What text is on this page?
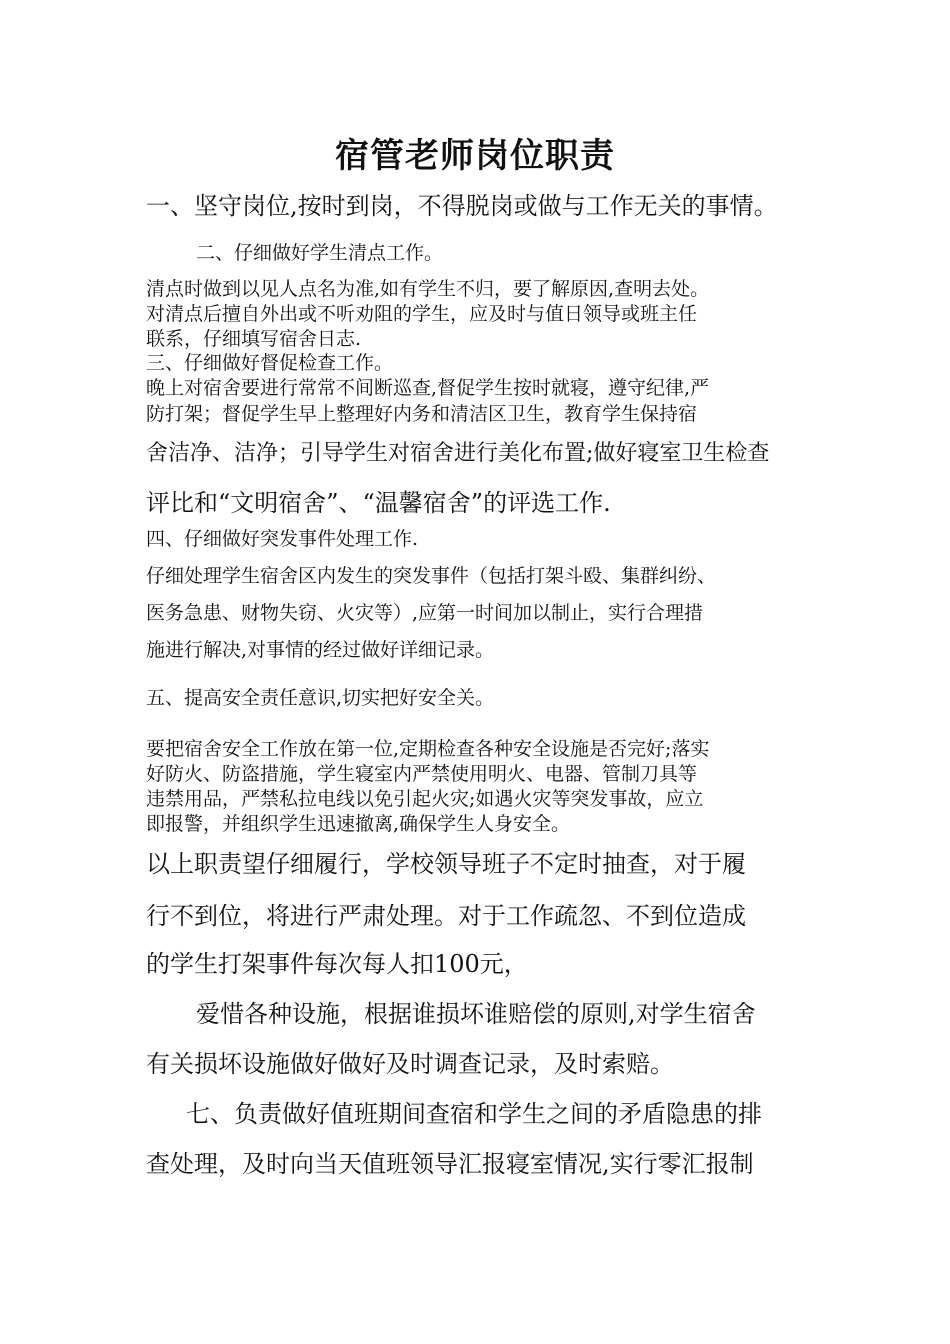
宿管老师岗位职责
一、坚守岗位,按时到岗，不得脱岗或做与工作无关的事情。
二、仔细做好学生清点工作。
清点时做到以见人点名为准,如有学生不归，要了解原因,查明去处。
对清点后擅自外出或不听劝阻的学生，应及时与值日领导或班主任
联系，仔细填写宿舍日志.
三、仔细做好督促检查工作。
晚上对宿舍要进行常常不间断巡查,督促学生按时就寝，遵守纪律,严
防打架；督促学生早上整理好内务和清洁区卫生，教育学生保持宿
舍洁净、洁净；引导学生对宿舍进行美化布置;做好寝室卫生检查
评比和“文明宿舍”、“温馨宿舍”的评选工作.
四、仔细做好突发事件处理工作.
仔细处理学生宿舍区内发生的突发事件（包括打架斗殴、集群纠纷、
医务急患、财物失窃、火灾等）,应第一时间加以制止，实行合理措
施进行解决,对事情的经过做好详细记录。
五、提高安全责任意识,切实把好安全关。
要把宿舍安全工作放在第一位,定期检查各种安全设施是否完好;落实
好防火、防盗措施，学生寝室内严禁使用明火、电器、管制刀具等
违禁用品，严禁私拉电线以免引起火灾;如遇火灾等突发事故，应立
即报警，并组织学生迅速撤离,确保学生人身安全。
以上职责望仔细履行，学校领导班子不定时抽查，对于履
行不到位，将进行严肃处理。对于工作疏忽、不到位造成
的学生打架事件每次每人扣100元，
爱惜各种设施，根据谁损坏谁赔偿的原则,对学生宿舍
有关损坏设施做好做好及时调查记录，及时索赔。
七、负责做好值班期间查宿和学生之间的矛盾隐患的排
查处理，及时向当天值班领导汇报寝室情况,实行零汇报制
